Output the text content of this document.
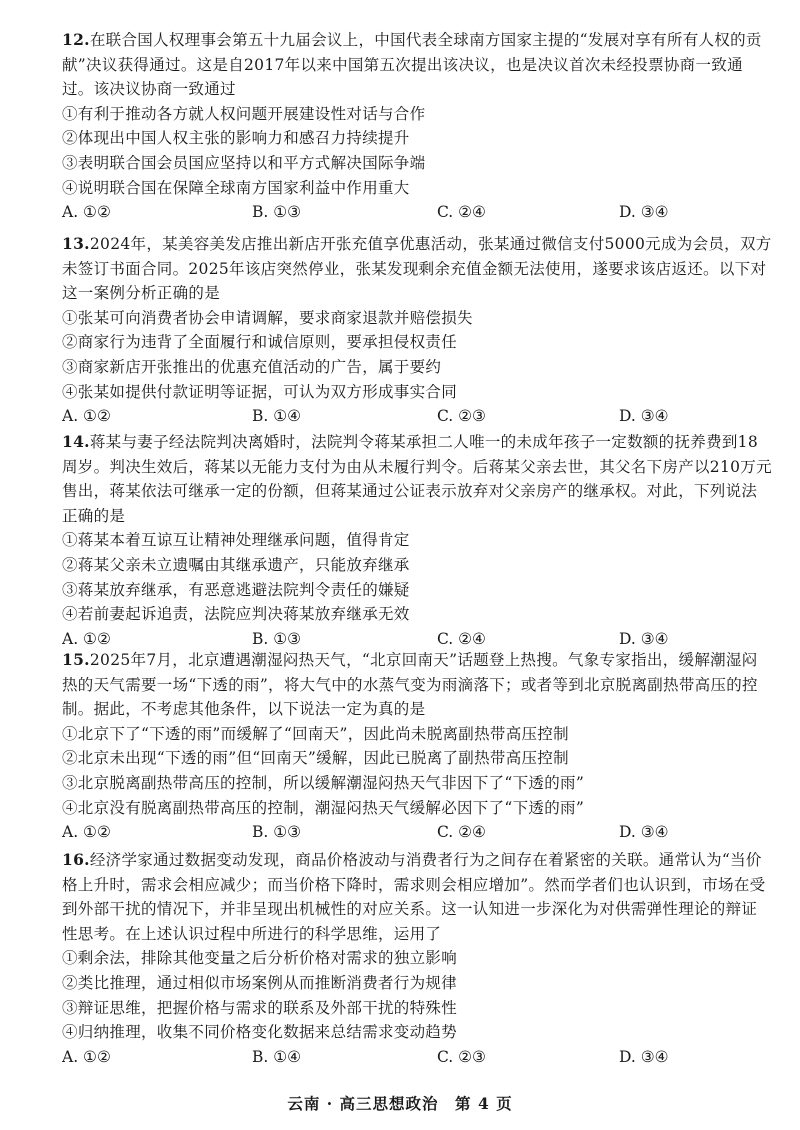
12.在联合国人权理事会第五十九届会议上，中国代表全球南方国家主提的“发展对享有所有人权的贡献”决议获得通过。这是自2017年以来中国第五次提出该决议，也是决议首次未经投票协商一致通过。该决议协商一致通过

①有利于推动各方就人权问题开展建设性对话与合作

②体现出中国人权主张的影响力和感召力持续提升

③表明联合国会员国应坚持以和平方式解决国际争端

④说明联合国在保障全球南方国家利益中作用重大

A. ①②	B. ①③	C. ②④	D. ③④

13.2024年，某美容美发店推出新店开张充值享优惠活动，张某通过微信支付5000元成为会员，双方未签订书面合同。2025年该店突然停业，张某发现剩余充值金额无法使用，遂要求该店返还。以下对这一案例分析正确的是

①张某可向消费者协会申请调解，要求商家退款并赔偿损失

②商家行为违背了全面履行和诚信原则，要承担侵权责任

③商家新店开张推出的优惠充值活动的广告，属于要约

④张某如提供付款证明等证据，可认为双方形成事实合同

A. ①②	B. ①④	C. ②③	D. ③④

14.蒋某与妻子经法院判决离婚时，法院判令蒋某承担二人唯一的未成年孩子一定数额的抚养费到18周岁。判决生效后，蒋某以无能力支付为由从未履行判令。后蒋某父亲去世，其父名下房产以210万元售出，蒋某依法可继承一定的份额，但蒋某通过公证表示放弃对父亲房产的继承权。对此，下列说法正确的是

①蒋某本着互谅互让精神处理继承问题，值得肯定

②蒋某父亲未立遗嘱由其继承遗产，只能放弃继承

③蒋某放弃继承，有恶意逃避法院判令责任的嫌疑

④若前妻起诉追责，法院应判决蒋某放弃继承无效

A. ①②	B. ①③	C. ②④	D. ③④

15.2025年7月，北京遭遇潮湿闷热天气，“北京回南天”话题登上热搜。气象专家指出，缓解潮湿闷热的天气需要一场“下透的雨”，将大气中的水蒸气变为雨滴落下；或者等到北京脱离副热带高压的控制。据此，不考虑其他条件，以下说法一定为真的是

①北京下了“下透的雨”而缓解了“回南天”，因此尚未脱离副热带高压控制

②北京未出现“下透的雨”但“回南天”缓解，因此已脱离了副热带高压控制

③北京脱离副热带高压的控制，所以缓解潮湿闷热天气非因下了“下透的雨”

④北京没有脱离副热带高压的控制，潮湿闷热天气缓解必因下了“下透的雨”

A. ①②	B. ①③	C. ②④	D. ③④

16.经济学家通过数据变动发现，商品价格波动与消费者行为之间存在着紧密的关联。通常认为“当价格上升时，需求会相应减少；而当价格下降时，需求则会相应增加”。然而学者们也认识到，市场在受到外部干扰的情况下，并非呈现出机械性的对应关系。这一认知进一步深化为对供需弹性理论的辩证性思考。在上述认识过程中所进行的科学思维，运用了

①剩余法，排除其他变量之后分析价格对需求的独立影响

②类比推理，通过相似市场案例从而推断消费者行为规律

③辩证思维，把握价格与需求的联系及外部干扰的特殊性

④归纳推理，收集不同价格变化数据来总结需求变动趋势

A. ①②	B. ①④	C. ②③	D. ③④
云南 · 高三思想政治　第 4 页
